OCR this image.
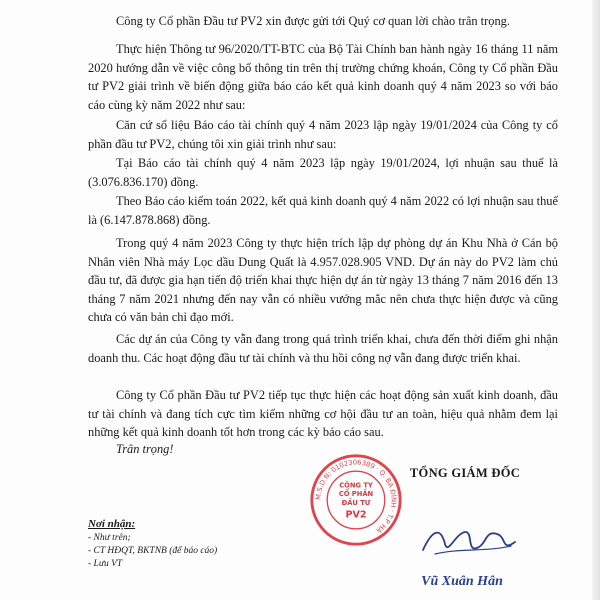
Công ty Cổ phần Đầu tư PV2 xin được gửi tới Quý cơ quan lời chào trân trọng.

Thực hiện Thông tư 96/2020/TT-BTC của Bộ Tài Chính ban hành ngày 16 tháng 11 năm 2020 hướng dẫn về việc công bố thông tin trên thị trường chứng khoán, Công ty Cổ phần Đầu tư PV2 giải trình về biến động giữa báo cáo kết quả kinh doanh quý 4 năm 2023 so với báo cáo cùng kỳ năm 2022 như sau:

Căn cứ số liệu Báo cáo tài chính quý 4 năm 2023 lập ngày 19/01/2024 của Công ty cổ phần đầu tư PV2, chúng tôi xin giải trình như sau:

Tại Báo cáo tài chính quý 4 năm 2023 lập ngày 19/01/2024, lợi nhuận sau thuế là (3.076.836.170) đồng.

Theo Báo cáo kiểm toán 2022, kết quả kinh doanh quý 4 năm 2022 có lợi nhuận sau thuế là (6.147.878.868) đồng.

Trong quý 4 năm 2023 Công ty thực hiện trích lập dự phòng dự án Khu Nhà ở Cán bộ Nhân viên Nhà máy Lọc dầu Dung Quất là 4.957.028.905 VND. Dự án này do PV2 làm chủ đầu tư, đã được gia hạn tiến độ triển khai thực hiện dự án từ ngày 13 tháng 7 năm 2016 đến 13 tháng 7 năm 2021 nhưng đến nay vẫn có nhiều vướng mắc nên chưa thực hiện được và cũng chưa có văn bản chỉ đạo mới.

Các dự án của Công ty vẫn đang trong quá trình triển khai, chưa đến thời điểm ghi nhận doanh thu. Các hoạt động đầu tư tài chính và thu hồi công nợ vẫn đang được triển khai.

Công ty Cổ phần Đầu tư PV2 tiếp tục thực hiện các hoạt động sản xuất kinh doanh, đầu tư tài chính và đang tích cực tìm kiếm những cơ hội đầu tư an toàn, hiệu quả nhằm đem lại những kết quả kinh doanh tốt hơn trong các kỳ báo cáo sau.

Trân trọng!

Nơi nhận:

- Như trên;

- CT HĐQT, BKTNB (để báo cáo)

- Lưu VT

M.S.D.N: 0102306389 · Q. BA ĐÌNH · T.P HÀ
CÔNG TY
CỔ PHẦN
ĐẦU TƯ
PV2
TỔNG GIÁM ĐỐC
Vũ Xuân Hân
